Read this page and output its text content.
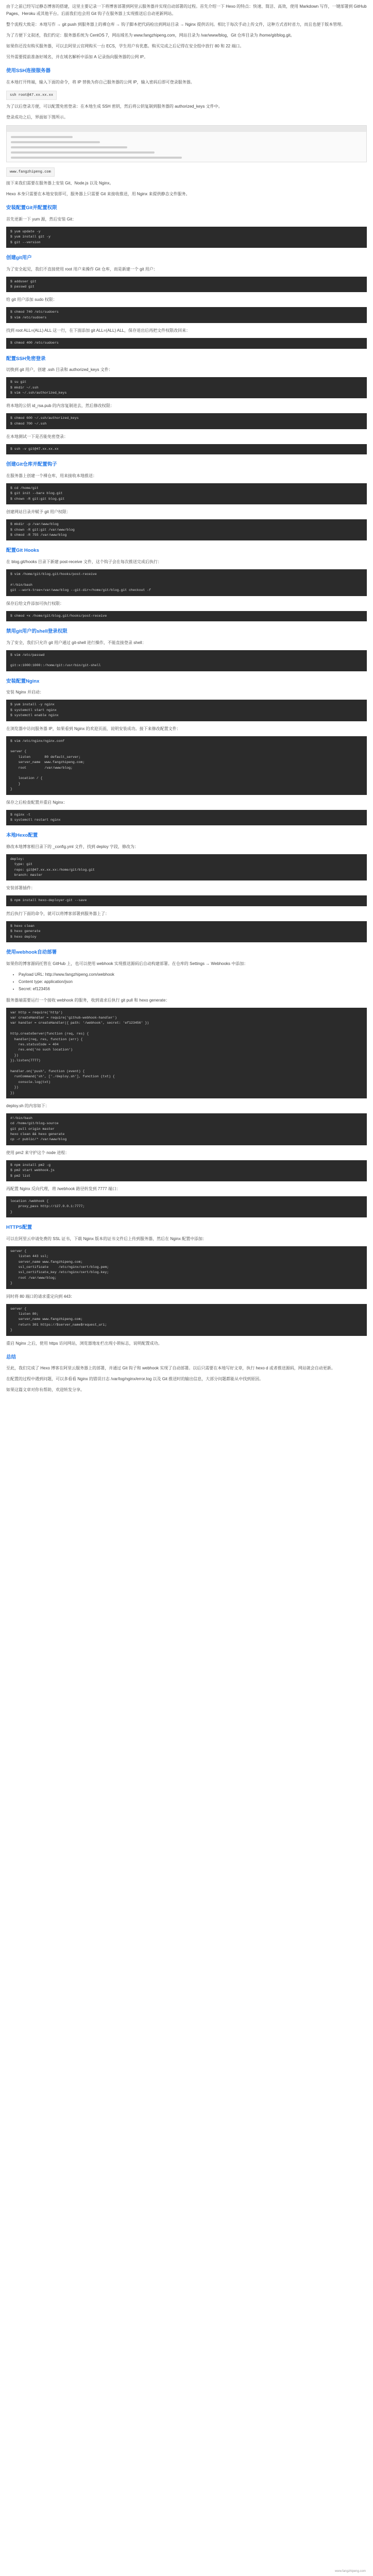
由于之前已经写过静态博客的搭建，这里主要记录一下将博客部署到阿里云服务器并实现自动部署的过程。首先介绍一下 Hexo 的特点：快速、简洁、高效，使用 Markdown 写作，一键部署到 GitHub Pages、Heroku 或其他平台。后面我们也会用 Git 钩子在服务器上实现推送后自动更新网站。

整个流程大致是：本地写作 → git push 到服务器上的裸仓库 → 钩子脚本把代码检出到网站目录 → Nginx 提供访问。相比于每次手动上传文件，这种方式省时省力，而且也便于版本管理。

为了方便下文叙述，我们约定：服务器系统为 CentOS 7，网站域名为 www.fangzhipeng.com，网站目录为 /var/www/blog，Git 仓库目录为 /home/git/blog.git。

如果你还没有购买服务器，可以去阿里云官网购买一台 ECS，学生用户有优惠。购买完成之后记得在安全组中放行 80 和 22 端口。

另外需要提前准备好域名，并在域名解析中添加 A 记录指向服务器的公网 IP。

使用SSH连接服务器

在本地打开终端，输入下面的命令，将 IP 替换为你自己服务器的公网 IP，输入密码后即可登录服务器。

ssh root@47.xx.xx.xx

为了以后登录方便，可以配置免密登录：在本地生成 SSH 密钥，然后将公钥复制到服务器的 authorized_keys 文件中。

登录成功之后，界面如下图所示。

www.fangzhipeng.com

接下来我们需要在服务器上安装 Git、Node.js 以及 Nginx。

Hexo 本身只需要在本地安装即可，服务器上只需要 Git 来接收推送，用 Nginx 来提供静态文件服务。

安装配置Git并配置权限

首先更新一下 yum 源，然后安装 Git：

$ yum update -y
$ yum install git -y
$ git --version
创建git用户

为了安全起见，我们不直接使用 root 用户来操作 Git 仓库，而是新建一个 git 用户：

$ adduser git
$ passwd git

给 git 用户添加 sudo 权限：

$ chmod 740 /etc/sudoers
$ vim /etc/sudoers

找到 root ALL=(ALL) ALL 这一行，在下面添加 git ALL=(ALL) ALL，保存退出后再把文件权限改回来：

$ chmod 400 /etc/sudoers
配置SSH免密登录

切换到 git 用户，创建 .ssh 目录和 authorized_keys 文件：

$ su git
$ mkdir ~/.ssh
$ vim ~/.ssh/authorized_keys

将本地的公钥 id_rsa.pub 的内容复制进去，然后修改权限：

$ chmod 600 ~/.ssh/authorized_keys
$ chmod 700 ~/.ssh

在本地测试一下是否能免密登录：

$ ssh -v git@47.xx.xx.xx
创建Git仓库并配置钩子

在服务器上创建一个裸仓库，用来接收本地推送：

$ cd /home/git
$ git init --bare blog.git
$ chown -R git:git blog.git

创建网站目录并赋予 git 用户权限：

$ mkdir -p /var/www/blog
$ chown -R git:git /var/www/blog
$ chmod -R 755 /var/www/blog
配置Git Hooks

在 blog.git/hooks 目录下新建 post-receive 文件，这个钩子会在每次推送完成后执行：

$ vim /home/git/blog.git/hooks/post-receive

#!/bin/bash
git --work-tree=/var/www/blog --git-dir=/home/git/blog.git checkout -f

保存后给文件添加可执行权限：

$ chmod +x /home/git/blog.git/hooks/post-receive
禁用git用户的shell登录权限

为了安全，我们只允许 git 用户通过 git-shell 进行操作，不能直接登录 shell：

$ vim /etc/passwd

git:x:1000:1000::/home/git:/usr/bin/git-shell
安装配置Nginx

安装 Nginx 并启动：

$ yum install -y nginx
$ systemctl start nginx
$ systemctl enable nginx

在浏览器中访问服务器 IP，如果看到 Nginx 的欢迎页面，说明安装成功。接下来修改配置文件：

$ vim /etc/nginx/nginx.conf

server {
listen       80 default_server;
server_name  www.fangzhipeng.com;
root         /var/www/blog;

location / {
}
}

保存之后检查配置并重启 Nginx：

$ nginx -t
$ systemctl restart nginx
本地Hexo配置

修改本地博客根目录下的 _config.yml 文件，找到 deploy 字段，修改为：

deploy:
type: git
repo: git@47.xx.xx.xx:/home/git/blog.git
branch: master

安装部署插件：

$ npm install hexo-deployer-git --save

然后执行下面的命令，就可以将博客部署到服务器上了：

$ hexo clean
$ hexo generate
$ hexo deploy
使用webhook自动部署

如果你的博客源码托管在 GitHub 上，也可以使用 webhook 实现推送源码后自动构建部署。在仓库的 Settings → Webhooks 中添加：

• Payload URL: http://www.fangzhipeng.com/webhook
• Content type: application/json
• Secret: ef123456

服务器端需要运行一个接收 webhook 的服务，收到请求后执行 git pull 和 hexo generate：

var http = require('http')
var createHandler = require('github-webhook-handler')
var handler = createHandler({ path: '/webhook', secret: 'ef123456' })

http.createServer(function (req, res) {
handler(req, res, function (err) {
res.statusCode = 404
res.end('no such location')
})
}).listen(7777)

handler.on('push', function (event) {
runCommand('sh', ['./deploy.sh'], function (txt) {
console.log(txt)
})
})

deploy.sh 的内容如下：

#!/bin/bash
cd /home/git/blog-source
git pull origin master
hexo clean && hexo generate
cp -r public/* /var/www/blog

使用 pm2 来守护这个 node 进程：

$ npm install pm2 -g
$ pm2 start webhook.js
$ pm2 list

再配置 Nginx 反向代理，将 /webhook 路径转发到 7777 端口：

location /webhook {
proxy_pass http://127.0.0.1:7777;
}
HTTPS配置

可以在阿里云申请免费的 SSL 证书，下载 Nginx 版本的证书文件后上传到服务器，然后在 Nginx 配置中添加：

server {
listen 443 ssl;
server_name www.fangzhipeng.com;
ssl_certificate     /etc/nginx/cert/blog.pem;
ssl_certificate_key /etc/nginx/cert/blog.key;
root /var/www/blog;
}

同时将 80 端口的请求重定向到 443：

server {
listen 80;
server_name www.fangzhipeng.com;
return 301 https://$server_name$request_uri;
}

重启 Nginx 之后，使用 https 访问网站，浏览器地址栏出现小锁标志，说明配置成功。

总结

至此，我们完成了 Hexo 博客在阿里云服务器上的部署，并通过 Git 钩子和 webhook 实现了自动部署。以后只需要在本地写好文章，执行 hexo d 或者推送源码，网站就会自动更新。

在配置的过程中遇到问题，可以多看看 Nginx 的错误日志 /var/log/nginx/error.log 以及 Git 推送时的输出信息，大部分问题都能从中找到原因。

如果这篇文章对你有帮助，欢迎转发分享。

www.fangzhipeng.com
